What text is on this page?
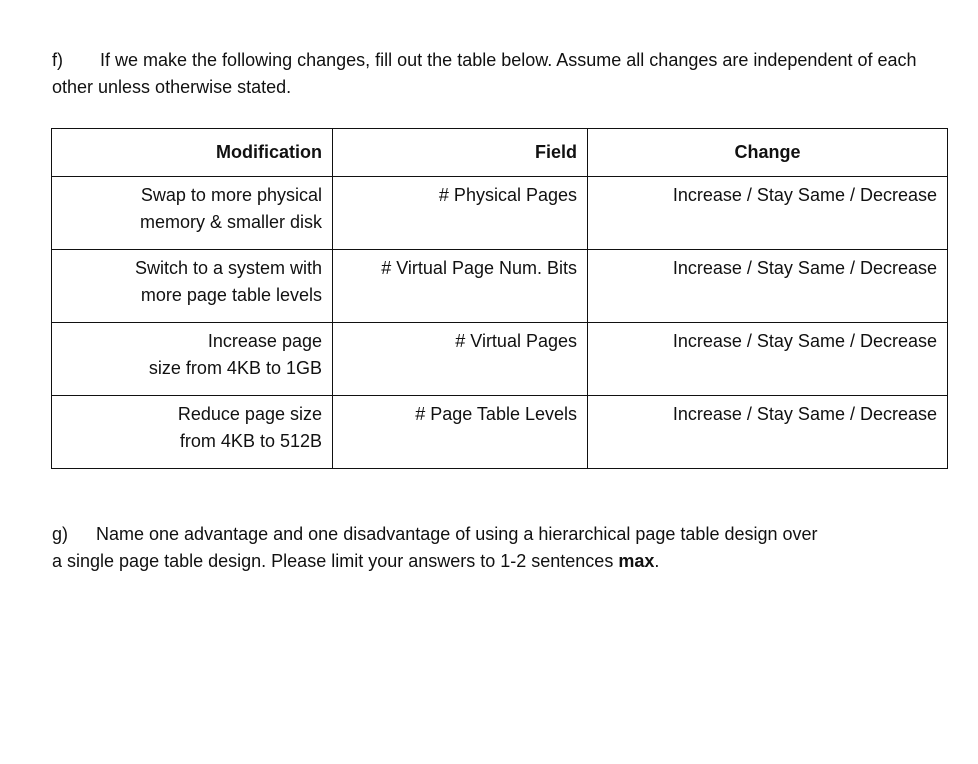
f) If we make the following changes, fill out the table below. Assume all changes are independent of each other unless otherwise stated.
Modification	Field	Change

Swap to more physical
memory & smaller disk	# Physical Pages	Increase / Stay Same / Decrease

Switch to a system with
more page table levels	# Virtual Page Num. Bits	Increase / Stay Same / Decrease

Increase page
size from 4KB to 1GB	# Virtual Pages	Increase / Stay Same / Decrease

Reduce page size
from 4KB to 512B	# Page Table Levels	Increase / Stay Same / Decrease
g) Name one advantage and one disadvantage of using a hierarchical page table design over
a single page table design. Please limit your answers to 1-2 sentences max.
